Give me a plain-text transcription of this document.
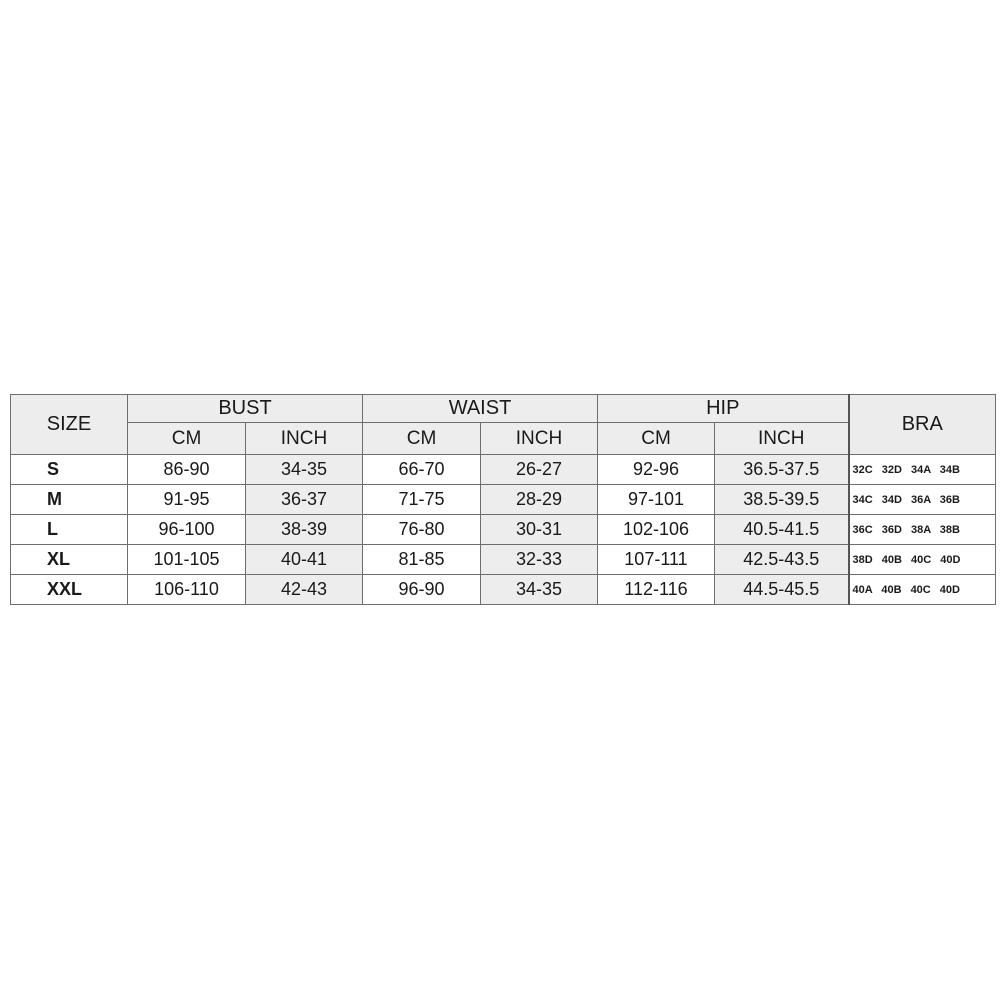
SIZE	BUST		WAIST		HIP		BRA
	CM	INCH	CM	INCH	CM	INCH	
S	86-90	34-35	66-70	26-27	92-96	36.5-37.5	32C 32D 34A 34B
M	91-95	36-37	71-75	28-29	97-101	38.5-39.5	34C 34D 36A 36B
L	96-100	38-39	76-80	30-31	102-106	40.5-41.5	36C 36D 38A 38B
XL	101-105	40-41	81-85	32-33	107-111	42.5-43.5	38D 40B 40C 40D
XXL	106-110	42-43	96-90	34-35	112-116	44.5-45.5	40A 40B 40C 40D
